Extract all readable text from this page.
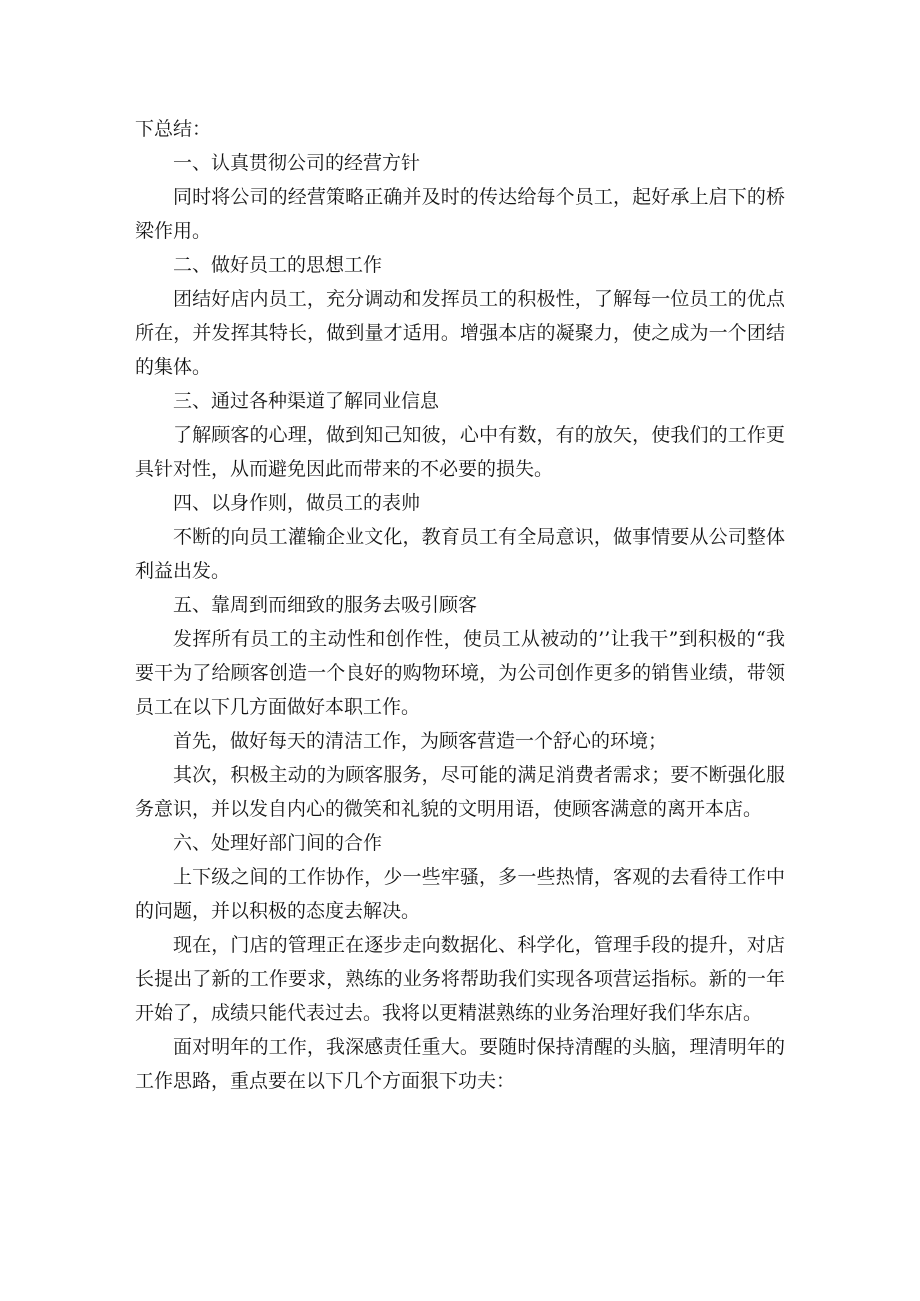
下总结：

一、认真贯彻公司的经营方针

同时将公司的经营策略正确并及时的传达给每个员工，起好承上启下的桥梁作用。

二、做好员工的思想工作

团结好店内员工，充分调动和发挥员工的积极性，了解每一位员工的优点所在，并发挥其特长，做到量才适用。增强本店的凝聚力，使之成为一个团结的集体。

三、通过各种渠道了解同业信息

了解顾客的心理，做到知己知彼，心中有数，有的放矢，使我们的工作更具针对性，从而避免因此而带来的不必要的损失。

四、以身作则，做员工的表帅

不断的向员工灌输企业文化，教育员工有全局意识，做事情要从公司整体利益出发。

五、靠周到而细致的服务去吸引顾客

发挥所有员工的主动性和创作性，使员工从被动的’’让我干”到积极的“我要干为了给顾客创造一个良好的购物环境，为公司创作更多的销售业绩，带领员工在以下几方面做好本职工作。

首先，做好每天的清洁工作，为顾客营造一个舒心的环境；

其次，积极主动的为顾客服务，尽可能的满足消费者需求；要不断强化服务意识，并以发自内心的微笑和礼貌的文明用语，使顾客满意的离开本店。

六、处理好部门间的合作

上下级之间的工作协作，少一些牢骚，多一些热情，客观的去看待工作中的问题，并以积极的态度去解决。

现在，门店的管理正在逐步走向数据化、科学化，管理手段的提升，对店长提出了新的工作要求，熟练的业务将帮助我们实现各项营运指标。新的一年开始了，成绩只能代表过去。我将以更精湛熟练的业务治理好我们华东店。

面对明年的工作，我深感责任重大。要随时保持清醒的头脑，理清明年的工作思路，重点要在以下几个方面狠下功夫：
